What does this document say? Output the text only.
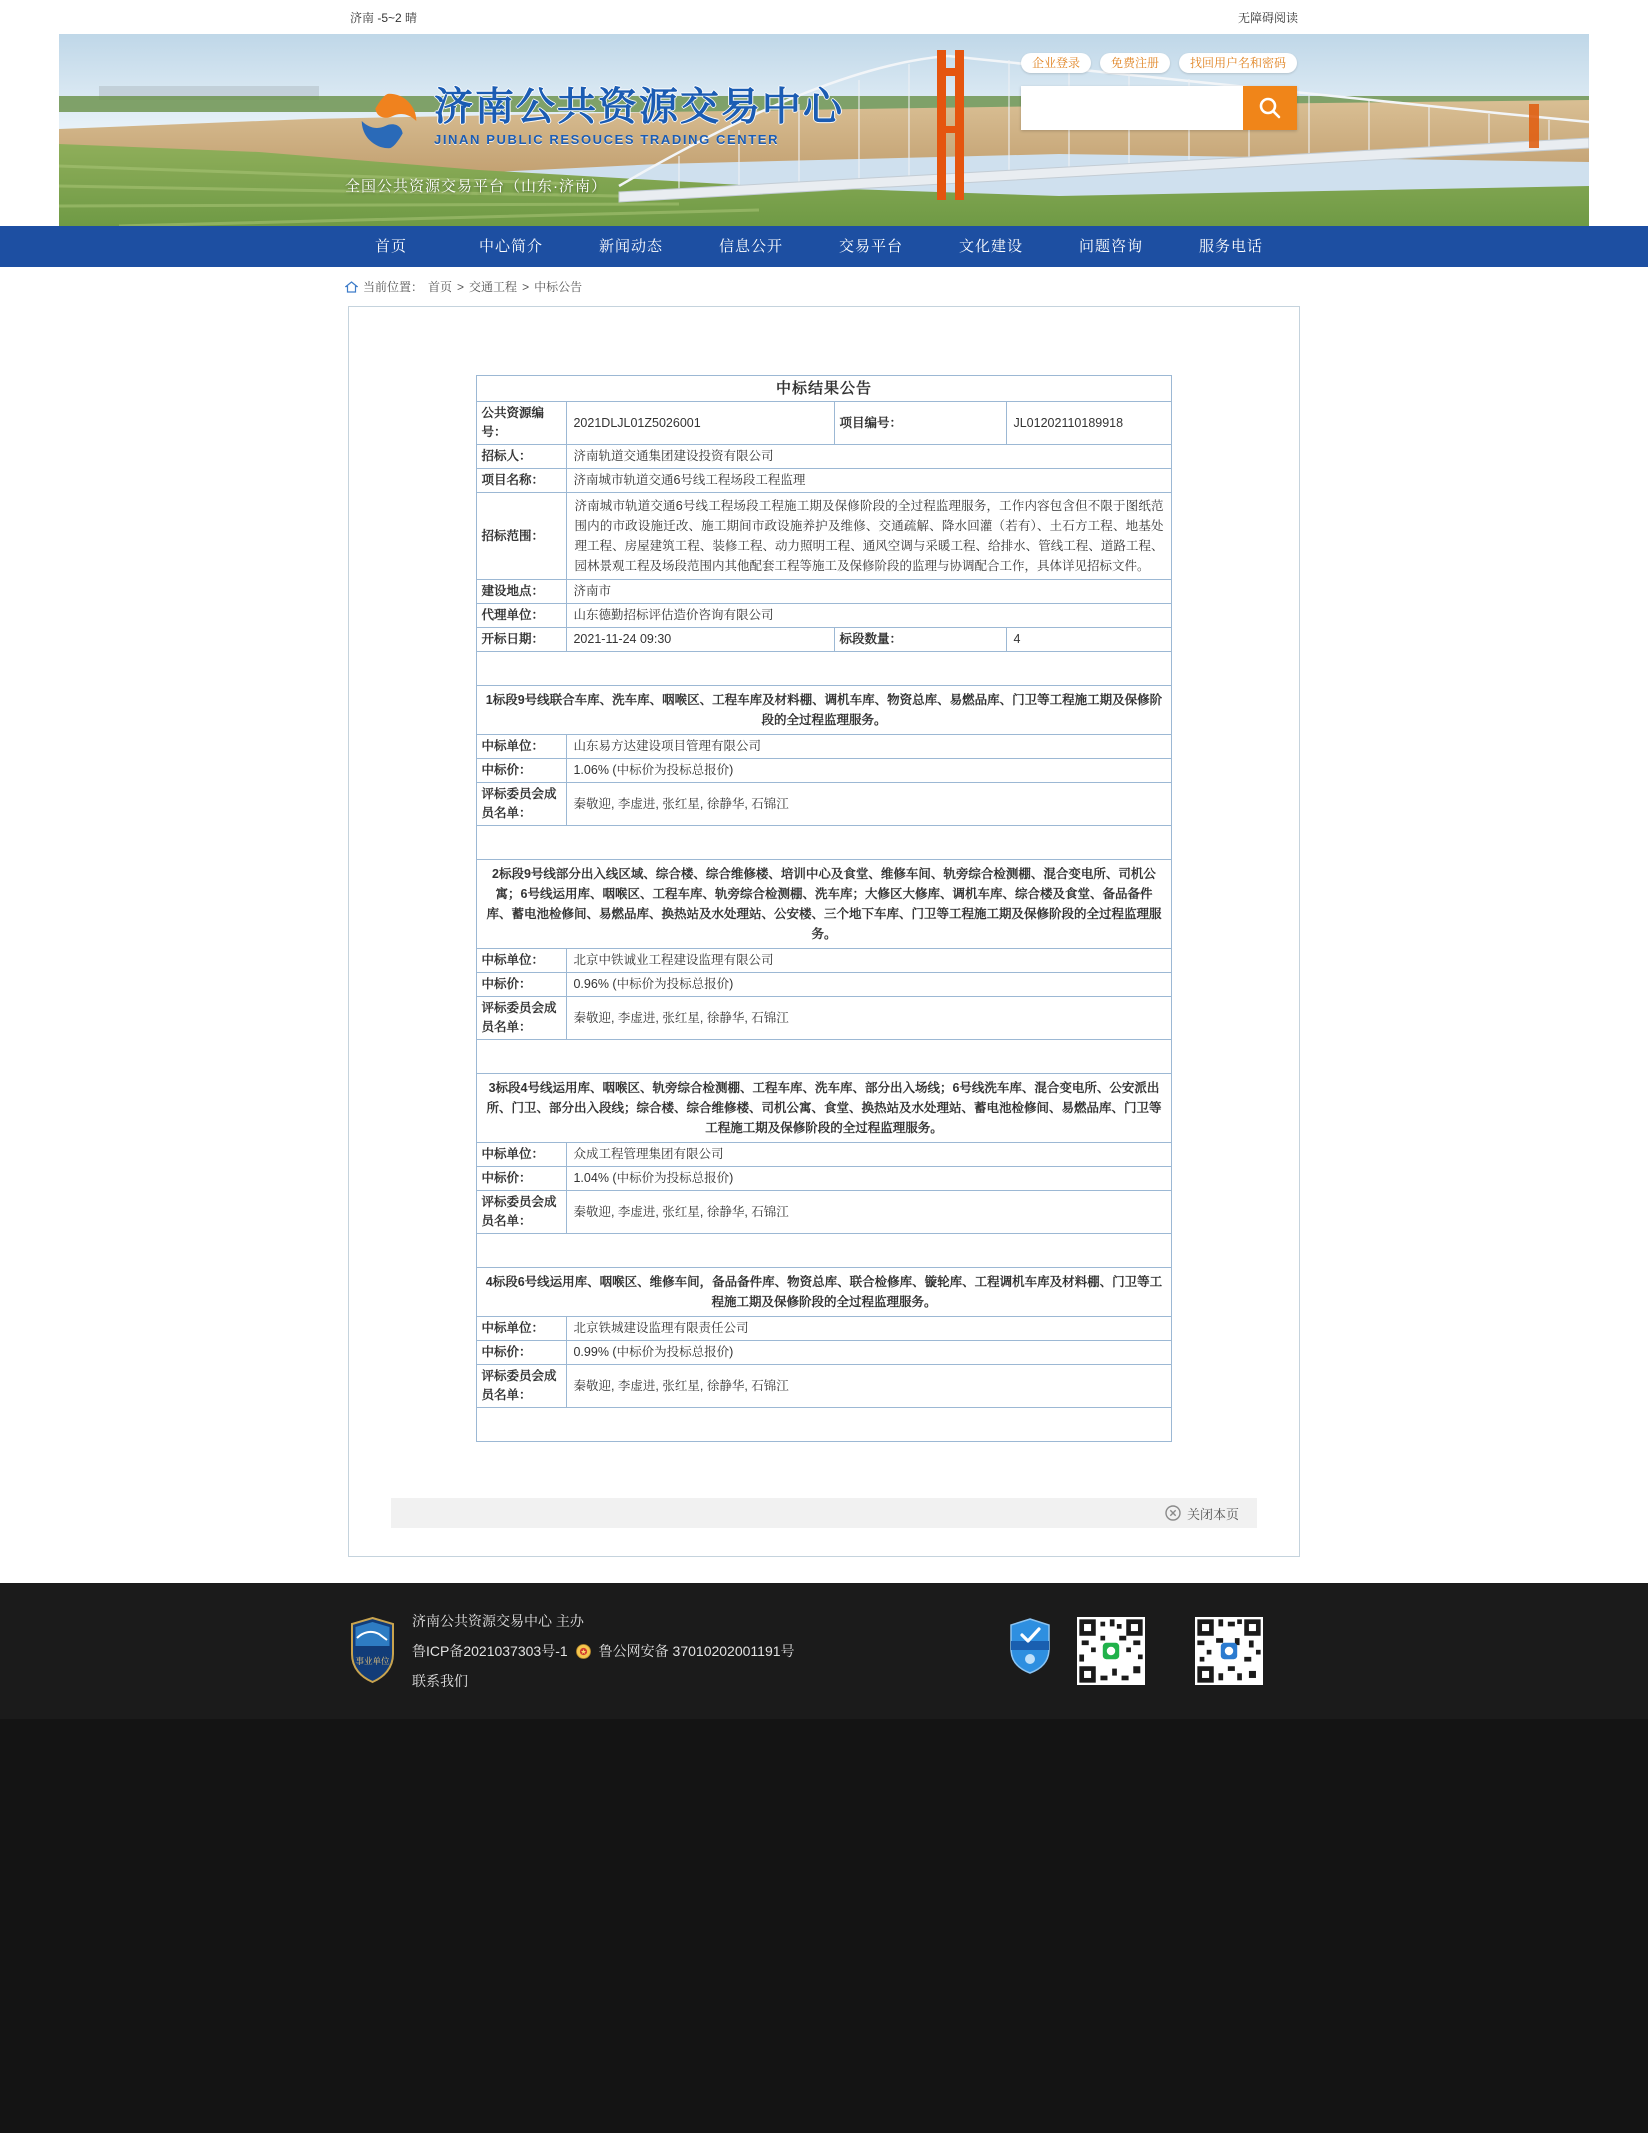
济南 -5~2 晴	无障碍阅读
济南公共资源交易中心
JINAN PUBLIC RESOUCES TRADING CENTER
企业登录	免费注册	找回用户名和密码
全国公共资源交易平台（山东·济南）
首页	中心简介	新闻动态	信息公开	交易平台	文化建设	问题咨询	服务电话
当前位置： 首页 > 交通工程 > 中标公告
中标结果公告			
公共资源编号：	2021DLJL01Z5026001	项目编号：	JL01202110189918
招标人：	济南轨道交通集团建设投资有限公司		
项目名称：	济南城市轨道交通6号线工程场段工程监理		
招标范围：	济南城市轨道交通6号线工程场段工程施工期及保修阶段的全过程监理服务，工作内容包含但不限于图纸范围内的市政设施迁改、施工期间市政设施养护及维修、交通疏解、降水回灌（若有）、土石方工程、地基处理工程、房屋建筑工程、装修工程、动力照明工程、通风空调与采暖工程、给排水、管线工程、道路工程、园林景观工程及场段范围内其他配套工程等施工及保修阶段的监理与协调配合工作，具体详见招标文件。		
建设地点：	济南市		
代理单位：	山东德勤招标评估造价咨询有限公司		
开标日期：	2021-11-24 09:30	标段数量：	4

1标段9号线联合车库、洗车库、咽喉区、工程车库及材料棚、调机车库、物资总库、易燃品库、门卫等工程施工期及保修阶段的全过程监理服务。			
中标单位：	山东易方达建设项目管理有限公司		
中标价：	1.06% (中标价为投标总报价)		
评标委员会成员名单：	秦敬迎, 李虚进, 张红星, 徐静华, 石锦江		

2标段9号线部分出入线区域、综合楼、综合维修楼、培训中心及食堂、维修车间、轨旁综合检测棚、混合变电所、司机公寓；6号线运用库、咽喉区、工程车库、轨旁综合检测棚、洗车库；大修区大修库、调机车库、综合楼及食堂、备品备件库、蓄电池检修间、易燃品库、换热站及水处理站、公安楼、三个地下车库、门卫等工程施工期及保修阶段的全过程监理服务。			
中标单位：	北京中铁诚业工程建设监理有限公司		
中标价：	0.96% (中标价为投标总报价)		
评标委员会成员名单：	秦敬迎, 李虚进, 张红星, 徐静华, 石锦江		

3标段4号线运用库、咽喉区、轨旁综合检测棚、工程车库、洗车库、部分出入场线；6号线洗车库、混合变电所、公安派出所、门卫、部分出入段线；综合楼、综合维修楼、司机公寓、食堂、换热站及水处理站、蓄电池检修间、易燃品库、门卫等工程施工期及保修阶段的全过程监理服务。			
中标单位：	众成工程管理集团有限公司		
中标价：	1.04% (中标价为投标总报价)		
评标委员会成员名单：	秦敬迎, 李虚进, 张红星, 徐静华, 石锦江		

4标段6号线运用库、咽喉区、维修车间，备品备件库、物资总库、联合检修库、镟轮库、工程调机车库及材料棚、门卫等工程施工期及保修阶段的全过程监理服务。			
中标单位：	北京铁城建设监理有限责任公司		
中标价：	0.99% (中标价为投标总报价)		
评标委员会成员名单：	秦敬迎, 李虚进, 张红星, 徐静华, 石锦江		

关闭本页
事业单位
济南公共资源交易中心 主办
鲁ICP备2021037303号-1 鲁公网安备 37010202001191号
联系我们
